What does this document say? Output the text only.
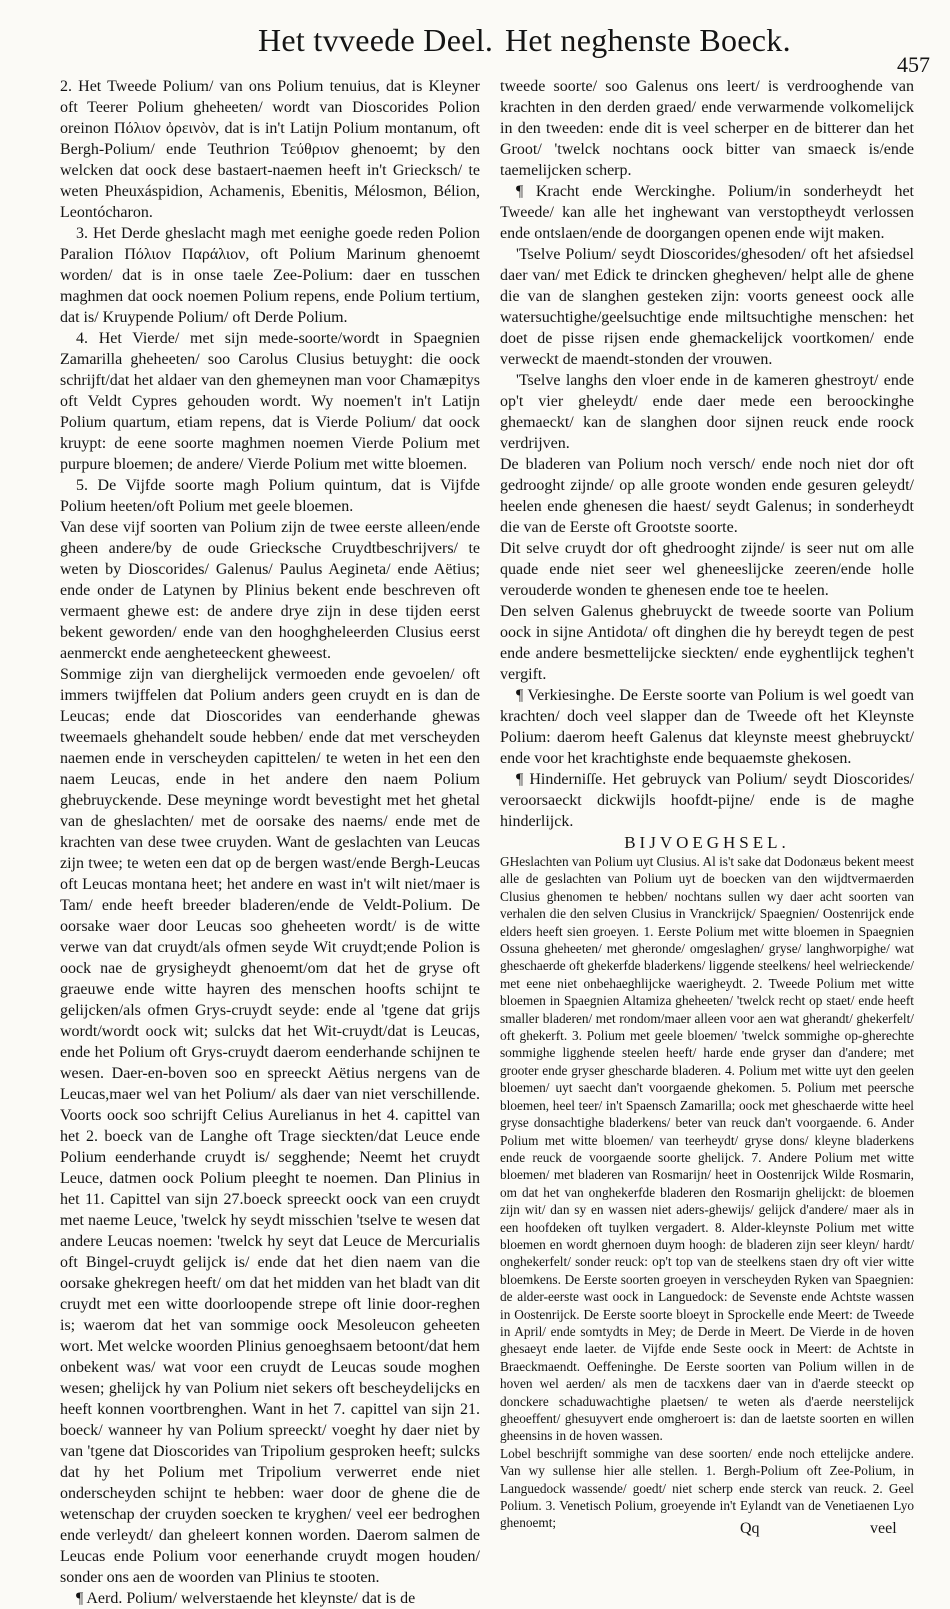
Het tvveede Deel. Het neghenste Boeck.
457

2. Het Tweede Polium/ van ons Polium tenuius, dat is Kleyner oft Teerer Polium gheheeten/ wordt van Dioscorides Polion oreinon Πόλιον ὀρεινὸν, dat is in't Latijn Polium montanum, oft Bergh-Polium/ ende Teuthrion Τεύθριον ghenoemt; by den welcken dat oock dese bastaert-naemen heeft in't Griecksch/ te weten Pheuxáspidion, Achamenis, Ebenitis, Mélosmon, Bélion, Leontócharon.

3. Het Derde gheslacht magh met eenighe goede reden Polion Paralion Πόλιον Παράλιον, oft Polium Marinum ghenoemt worden/ dat is in onse taele Zee-Polium: daer en tusschen maghmen dat oock noemen Polium repens, ende Polium tertium, dat is/ Kruypende Polium/ oft Derde Polium.

4. Het Vierde/ met sijn mede-soorte/wordt in Spaegnien Zamarilla gheheeten/ soo Carolus Clusius betuyght: die oock schrijft/dat het aldaer van den ghemeynen man voor Chamæpitys oft Veldt Cypres gehouden wordt. Wy noemen't in't Latijn Polium quartum, etiam repens, dat is Vierde Polium/ dat oock kruypt: de eene soorte maghmen noemen Vierde Polium met purpure bloemen; de andere/ Vierde Polium met witte bloemen.

5. De Vijfde soorte magh Polium quintum, dat is Vijfde Polium heeten/oft Polium met geele bloemen.

Van dese vijf soorten van Polium zijn de twee eerste alleen/ende gheen andere/by de oude Griecksche Cruydtbeschrijvers/ te weten by Dioscorides/ Galenus/ Paulus Aegineta/ ende Aëtius; ende onder de Latynen by Plinius bekent ende beschreven oft vermaent ghewe est: de andere drye zijn in dese tijden eerst bekent geworden/ ende van den hooghgheleerden Clusius eerst aenmerckt ende aengheteeckent gheweest.

Sommige zijn van dierghelijck vermoeden ende gevoelen/ oft immers twijffelen dat Polium anders geen cruydt en is dan de Leucas; ende dat Dioscorides van eenderhande ghewas tweemaels ghehandelt soude hebben/ ende dat met verscheyden naemen ende in verscheyden capittelen/ te weten in het een den naem Leucas, ende in het andere den naem Polium ghebruyckende. Dese meyninge wordt bevestight met het ghetal van de gheslachten/ met de oorsake des naems/ ende met de krachten van dese twee cruyden. Want de geslachten van Leucas zijn twee; te weten een dat op de bergen wast/ende Bergh-Leucas oft Leucas montana heet; het andere en wast in't wilt niet/maer is Tam/ ende heeft breeder bladeren/ende de Veldt-Polium. De oorsake waer door Leucas soo gheheeten wordt/ is de witte verwe van dat cruydt/als ofmen seyde Wit cruydt;ende Polion is oock nae de grysigheydt ghenoemt/om dat het de gryse oft graeuwe ende witte hayren des menschen hoofts schijnt te gelijcken/als ofmen Grys-cruydt seyde: ende al 'tgene dat grijs wordt/wordt oock wit; sulcks dat het Wit-cruydt/dat is Leucas, ende het Polium oft Grys-cruydt daerom eenderhande schijnen te wesen. Daer-en-boven soo en spreeckt Aëtius nergens van de Leucas,maer wel van het Polium/ als daer van niet verschillende. Voorts oock soo schrijft Celius Aurelianus in het 4. capittel van het 2. boeck van de Langhe oft Trage sieckten/dat Leuce ende Polium eenderhande cruydt is/ segghende; Neemt het cruydt Leuce, datmen oock Polium pleeght te noemen. Dan Plinius in het 11. Capittel van sijn 27.boeck spreeckt oock van een cruydt met naeme Leuce, 'twelck hy seydt misschien 'tselve te wesen dat andere Leucas noemen: 'twelck hy seyt dat Leuce de Mercurialis oft Bingel-cruydt gelijck is/ ende dat het dien naem van die oorsake ghekregen heeft/ om dat het midden van het bladt van dit cruydt met een witte doorloopende strepe oft linie door-reghen is; waerom dat het van sommige oock Mesoleucon geheeten wort. Met welcke woorden Plinius genoeghsaem betoont/dat hem onbekent was/ wat voor een cruydt de Leucas soude moghen wesen; ghelijck hy van Polium niet sekers oft bescheydelijcks en heeft konnen voortbrenghen. Want in het 7. capittel van sijn 21. boeck/ wanneer hy van Polium spreeckt/ voeght hy daer niet by van 'tgene dat Dioscorides van Tripolium gesproken heeft; sulcks dat hy het Polium met Tripolium verwerret ende niet onderscheyden schijnt te hebben: waer door de ghene die de wetenschap der cruyden soecken te kryghen/ veel eer bedroghen ende verleydt/ dan gheleert konnen worden. Daerom salmen de Leucas ende Polium voor eenerhande cruydt mogen houden/ sonder ons aen de woorden van Plinius te stooten.

¶ Aerd. Polium/ welverstaende het kleynste/ dat is de

tweede soorte/ soo Galenus ons leert/ is verdrooghende van krachten in den derden graed/ ende verwarmende volkomelijck in den tweeden: ende dit is veel scherper en de bitterer dan het Groot/ 'twelck nochtans oock bitter van smaeck is/ende taemelijcken scherp.

¶ Kracht ende Werckinghe. Polium/in sonderheydt het Tweede/ kan alle het inghewant van verstoptheydt verlossen ende ontslaen/ende de doorgangen openen ende wijt maken.

'Tselve Polium/ seydt Dioscorides/ghesoden/ oft het afsiedsel daer van/ met Edick te drincken ghegheven/ helpt alle de ghene die van de slanghen gesteken zijn: voorts geneest oock alle watersuchtighe/geelsuchtige ende miltsuchtighe menschen: het doet de pisse rijsen ende ghemackelijck voortkomen/ ende verweckt de maendt-stonden der vrouwen.

'Tselve langhs den vloer ende in de kameren ghestroyt/ ende op't vier gheleydt/ ende daer mede een beroockinghe ghemaeckt/ kan de slanghen door sijnen reuck ende roock verdrijven.

De bladeren van Polium noch versch/ ende noch niet dor oft gedrooght zijnde/ op alle groote wonden ende gesuren geleydt/ heelen ende ghenesen die haest/ seydt Galenus; in sonderheydt die van de Eerste oft Grootste soorte.

Dit selve cruydt dor oft ghedrooght zijnde/ is seer nut om alle quade ende niet seer wel gheneeslijcke zeeren/ende holle verouderde wonden te ghenesen ende toe te heelen.

Den selven Galenus ghebruyckt de tweede soorte van Polium oock in sijne Antidota/ oft dinghen die hy bereydt tegen de pest ende andere besmettelijcke sieckten/ ende eyghentlijck teghen't vergift.

¶ Verkiesinghe. De Eerste soorte van Polium is wel goedt van krachten/ doch veel slapper dan de Tweede oft het Kleynste Polium: daerom heeft Galenus dat kleynste meest ghebruyckt/ ende voor het krachtighste ende bequaemste ghekosen.

¶ Hinderniſſe. Het gebruyck van Polium/ seydt Dioscorides/ veroorsaeckt dickwijls hoofdt-pijne/ ende is de maghe hinderlijck.

BIJVOEGHSEL.

GHeslachten van Polium uyt Clusius. Al is't sake dat Dodonæus bekent meest alle de geslachten van Polium uyt de boecken van den wijdtvermaerden Clusius ghenomen te hebben/ nochtans sullen wy daer acht soorten van verhalen die den selven Clusius in Vranckrijck/ Spaegnien/ Oostenrijck ende elders heeft sien groeyen. 1. Eerste Polium met witte bloemen in Spaegnien Ossuna gheheeten/ met gheronde/ omgeslaghen/ gryse/ langhworpighe/ wat gheschaerde oft ghekerfde bladerkens/ liggende steelkens/ heel welrieckende/ met eene niet onbehaeghlijcke waerigheydt. 2. Tweede Polium met witte bloemen in Spaegnien Altamiza gheheeten/ 'twelck recht op staet/ ende heeft smaller bladeren/ met rondom/maer alleen voor aen wat gherandt/ ghekerfelt/ oft ghekerft. 3. Polium met geele bloemen/ 'twelck sommighe op-gherechte sommighe ligghende steelen heeft/ harde ende gryser dan d'andere; met grooter ende gryser ghescharde bladeren. 4. Polium met witte uyt den geelen bloemen/ uyt saecht dan't voorgaende ghekomen. 5. Polium met peersche bloemen, heel teer/ in't Spaensch Zamarilla; oock met gheschaerde witte heel gryse donsachtighe bladerkens/ beter van reuck dan't voorgaende. 6. Ander Polium met witte bloemen/ van teerheydt/ gryse dons/ kleyne bladerkens ende reuck de voorgaende soorte ghelijck. 7. Andere Polium met witte bloemen/ met bladeren van Rosmarijn/ heet in Oostenrijck Wilde Rosmarin, om dat het van onghekerfde bladeren den Rosmarijn ghelijckt: de bloemen zijn wit/ dan sy en wassen niet aders-ghewijs/ gelijck d'andere/ maer als in een hoofdeken oft tuylken vergadert. 8. Alder-kleynste Polium met witte bloemen en wordt ghernoen duym hoogh: de bladeren zijn seer kleyn/ hardt/ onghekerfelt/ sonder reuck: op't top van de steelkens staen dry oft vier witte bloemkens. De Eerste soorten groeyen in verscheyden Ryken van Spaegnien: de alder-eerste wast oock in Languedock: de Sevenste ende Achtste wassen in Oostenrijck. De Eerste soorte bloeyt in Sprockelle ende Meert: de Tweede in April/ ende somtydts in Mey; de Derde in Meert. De Vierde in de hoven ghesaeyt ende laeter. de Vijfde ende Seste oock in Meert: de Achtste in Braeckmaendt. Oeffeninghe. De Eerste soorten van Polium willen in de hoven wel aerden/ als men de tacxkens daer van in d'aerde steeckt op donckere schaduwachtighe plaetsen/ te weten als d'aerde neerstelijck gheoeffent/ ghesuyvert ende omgheroert is: dan de laetste soorten en willen gheensins in de hoven wassen.

Lobel beschrijft sommighe van dese soorten/ ende noch ettelijcke andere. Van wy sullense hier alle stellen. 1. Bergh-Polium oft Zee-Polium, in Languedock wassende/ goedt/ niet scherp ende sterck van reuck. 2. Geel Polium. 3. Venetisch Polium, groeyende in't Eylandt van de Venetiaenen Lyo ghenoemt;	Qq	veel
